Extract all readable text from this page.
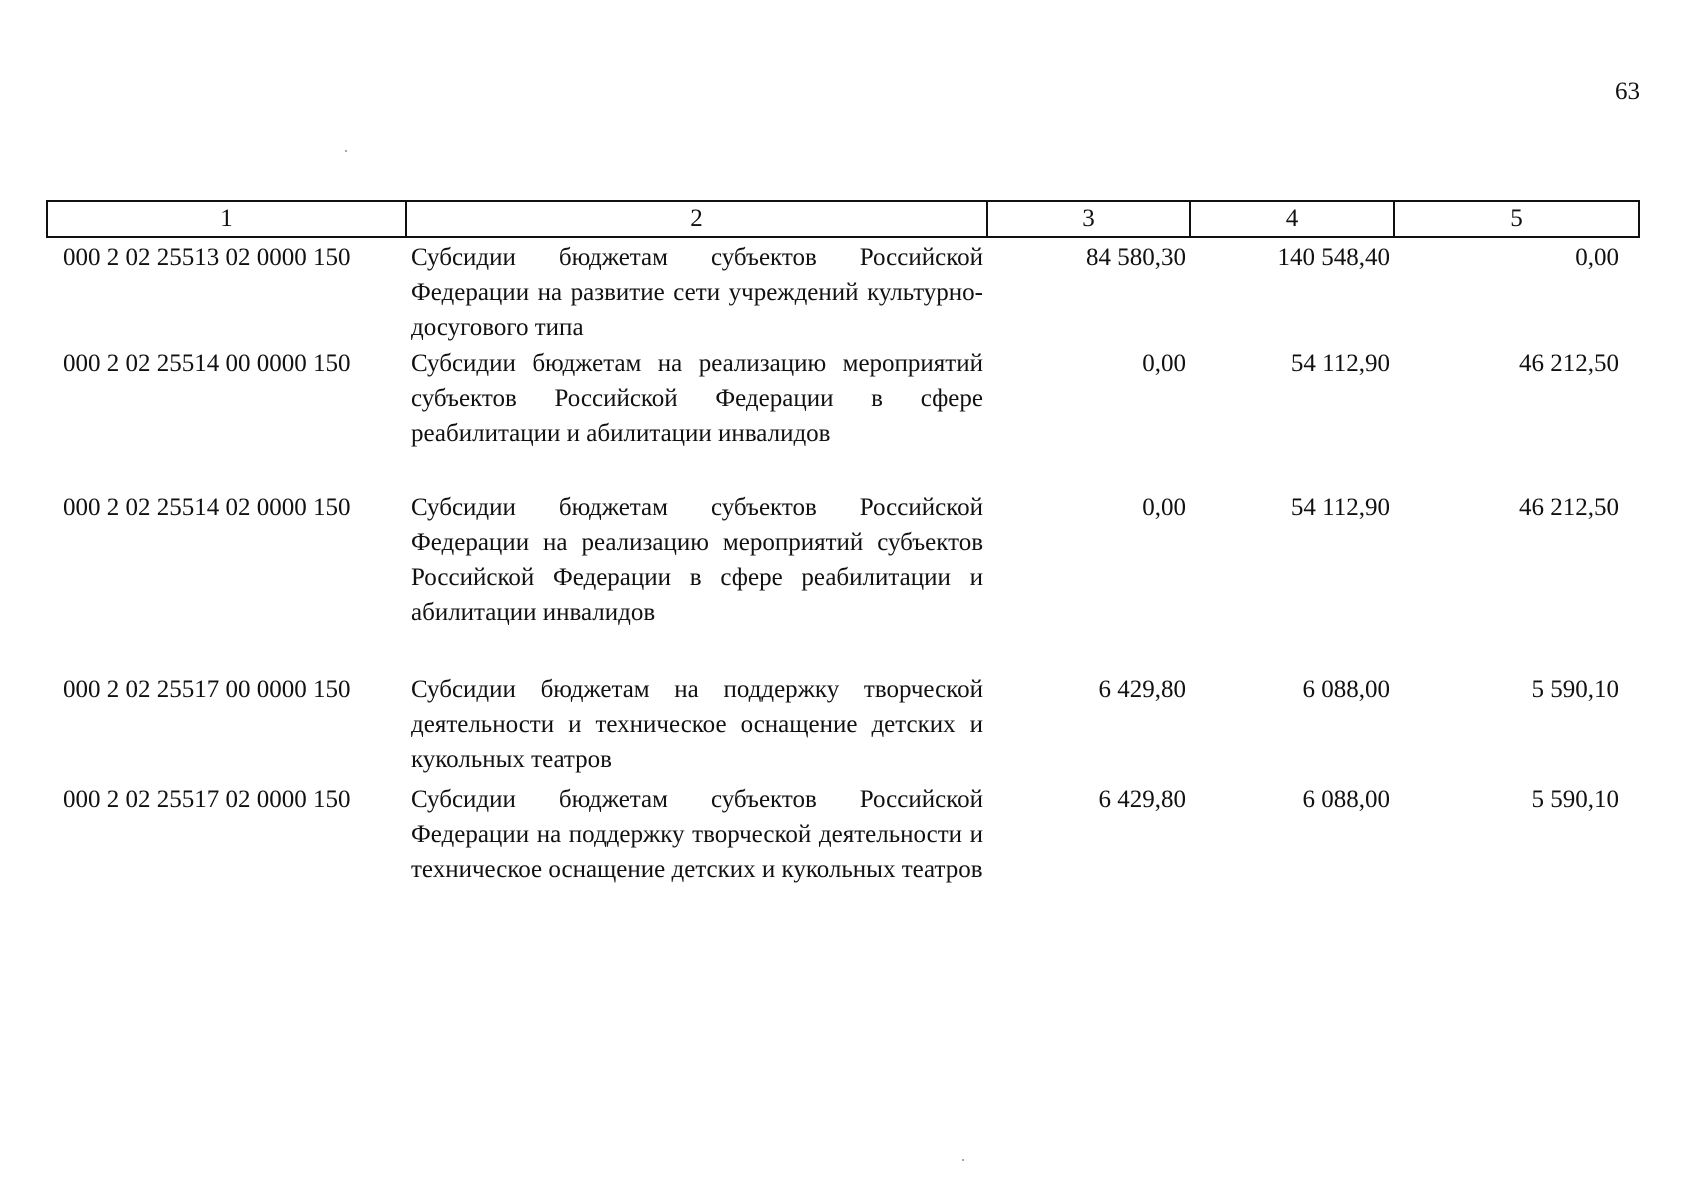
63
1	2	3	4	5
000 2 02 25513 02 0000 150	Субсидии бюджетам субъектов Российской Федерации на развитие сети учреждений культурно-досугового типа	84 580,30	140 548,40	0,00
000 2 02 25514 00 0000 150	Субсидии бюджетам на реализацию мероприятий субъектов Российской Федерации в сфере реабилитации и абилитации инвалидов	0,00	54 112,90	46 212,50
000 2 02 25514 02 0000 150	Субсидии бюджетам субъектов Российской Федерации на реализацию мероприятий субъектов Российской Федерации в сфере реабилитации и абилитации инвалидов	0,00	54 112,90	46 212,50
000 2 02 25517 00 0000 150	Субсидии бюджетам на поддержку творческой деятельности и техническое оснащение детских и кукольных театров	6 429,80	6 088,00	5 590,10
000 2 02 25517 02 0000 150	Субсидии бюджетам субъектов Российской Федерации на поддержку творческой деятельности и техническое оснащение детских и кукольных театров	6 429,80	6 088,00	5 590,10
